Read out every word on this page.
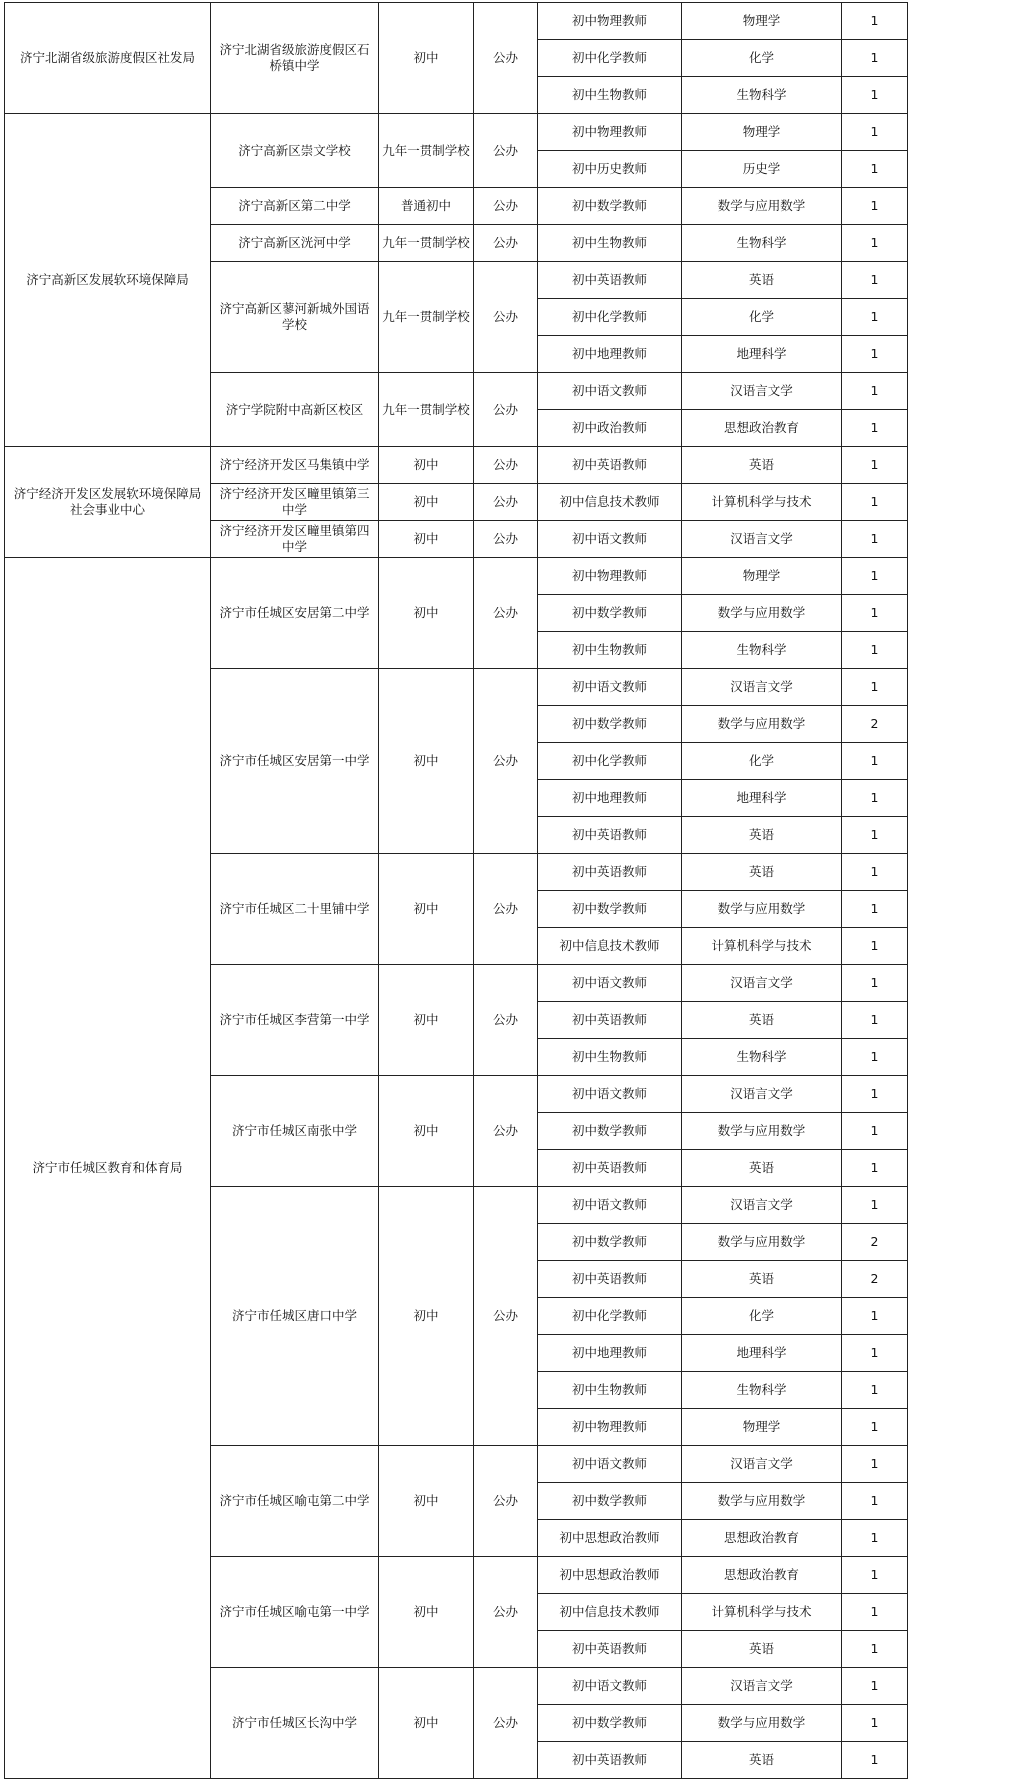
济宁北湖省级旅游度假区社发局	济宁北湖省级旅游度假区石桥镇中学	初中	公办	初中物理教师	物理学	1
				初中化学教师	化学	1
				初中生物教师	生物科学	1
济宁高新区发展软环境保障局	济宁高新区崇文学校	九年一贯制学校	公办	初中物理教师	物理学	1
				初中历史教师	历史学	1
	济宁高新区第二中学	普通初中	公办	初中数学教师	数学与应用数学	1
	济宁高新区洸河中学	九年一贯制学校	公办	初中生物教师	生物科学	1
	济宁高新区蓼河新城外国语学校	九年一贯制学校	公办	初中英语教师	英语	1
				初中化学教师	化学	1
				初中地理教师	地理科学	1
	济宁学院附中高新区校区	九年一贯制学校	公办	初中语文教师	汉语言文学	1
				初中政治教师	思想政治教育	1
济宁经济开发区发展软环境保障局社会事业中心	济宁经济开发区马集镇中学	初中	公办	初中英语教师	英语	1
	济宁经济开发区疃里镇第三中学	初中	公办	初中信息技术教师	计算机科学与技术	1
	济宁经济开发区疃里镇第四中学	初中	公办	初中语文教师	汉语言文学	1
济宁市任城区教育和体育局	济宁市任城区安居第二中学	初中	公办	初中物理教师	物理学	1
				初中数学教师	数学与应用数学	1
				初中生物教师	生物科学	1
	济宁市任城区安居第一中学	初中	公办	初中语文教师	汉语言文学	1
				初中数学教师	数学与应用数学	2
				初中化学教师	化学	1
				初中地理教师	地理科学	1
				初中英语教师	英语	1
	济宁市任城区二十里铺中学	初中	公办	初中英语教师	英语	1
				初中数学教师	数学与应用数学	1
				初中信息技术教师	计算机科学与技术	1
	济宁市任城区李营第一中学	初中	公办	初中语文教师	汉语言文学	1
				初中英语教师	英语	1
				初中生物教师	生物科学	1
	济宁市任城区南张中学	初中	公办	初中语文教师	汉语言文学	1
				初中数学教师	数学与应用数学	1
				初中英语教师	英语	1
	济宁市任城区唐口中学	初中	公办	初中语文教师	汉语言文学	1
				初中数学教师	数学与应用数学	2
				初中英语教师	英语	2
				初中化学教师	化学	1
				初中地理教师	地理科学	1
				初中生物教师	生物科学	1
				初中物理教师	物理学	1
	济宁市任城区喻屯第二中学	初中	公办	初中语文教师	汉语言文学	1
				初中数学教师	数学与应用数学	1
				初中思想政治教师	思想政治教育	1
	济宁市任城区喻屯第一中学	初中	公办	初中思想政治教师	思想政治教育	1
				初中信息技术教师	计算机科学与技术	1
				初中英语教师	英语	1
	济宁市任城区长沟中学	初中	公办	初中语文教师	汉语言文学	1
				初中数学教师	数学与应用数学	1
				初中英语教师	英语	1
